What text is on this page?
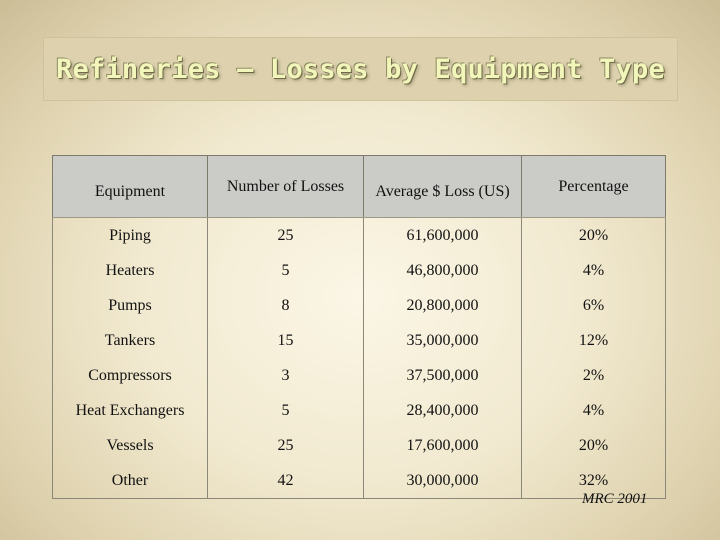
Refineries – Losses by Equipment Type
Equipment	Number of Losses	Average $ Loss (US)	Percentage
Piping	25	61,600,000	20%
Heaters	5	46,800,000	4%
Pumps	8	20,800,000	6%
Tankers	15	35,000,000	12%
Compressors	3	37,500,000	2%
Heat Exchangers	5	28,400,000	4%
Vessels	25	17,600,000	20%
Other	42	30,000,000	32%
MRC 2001
